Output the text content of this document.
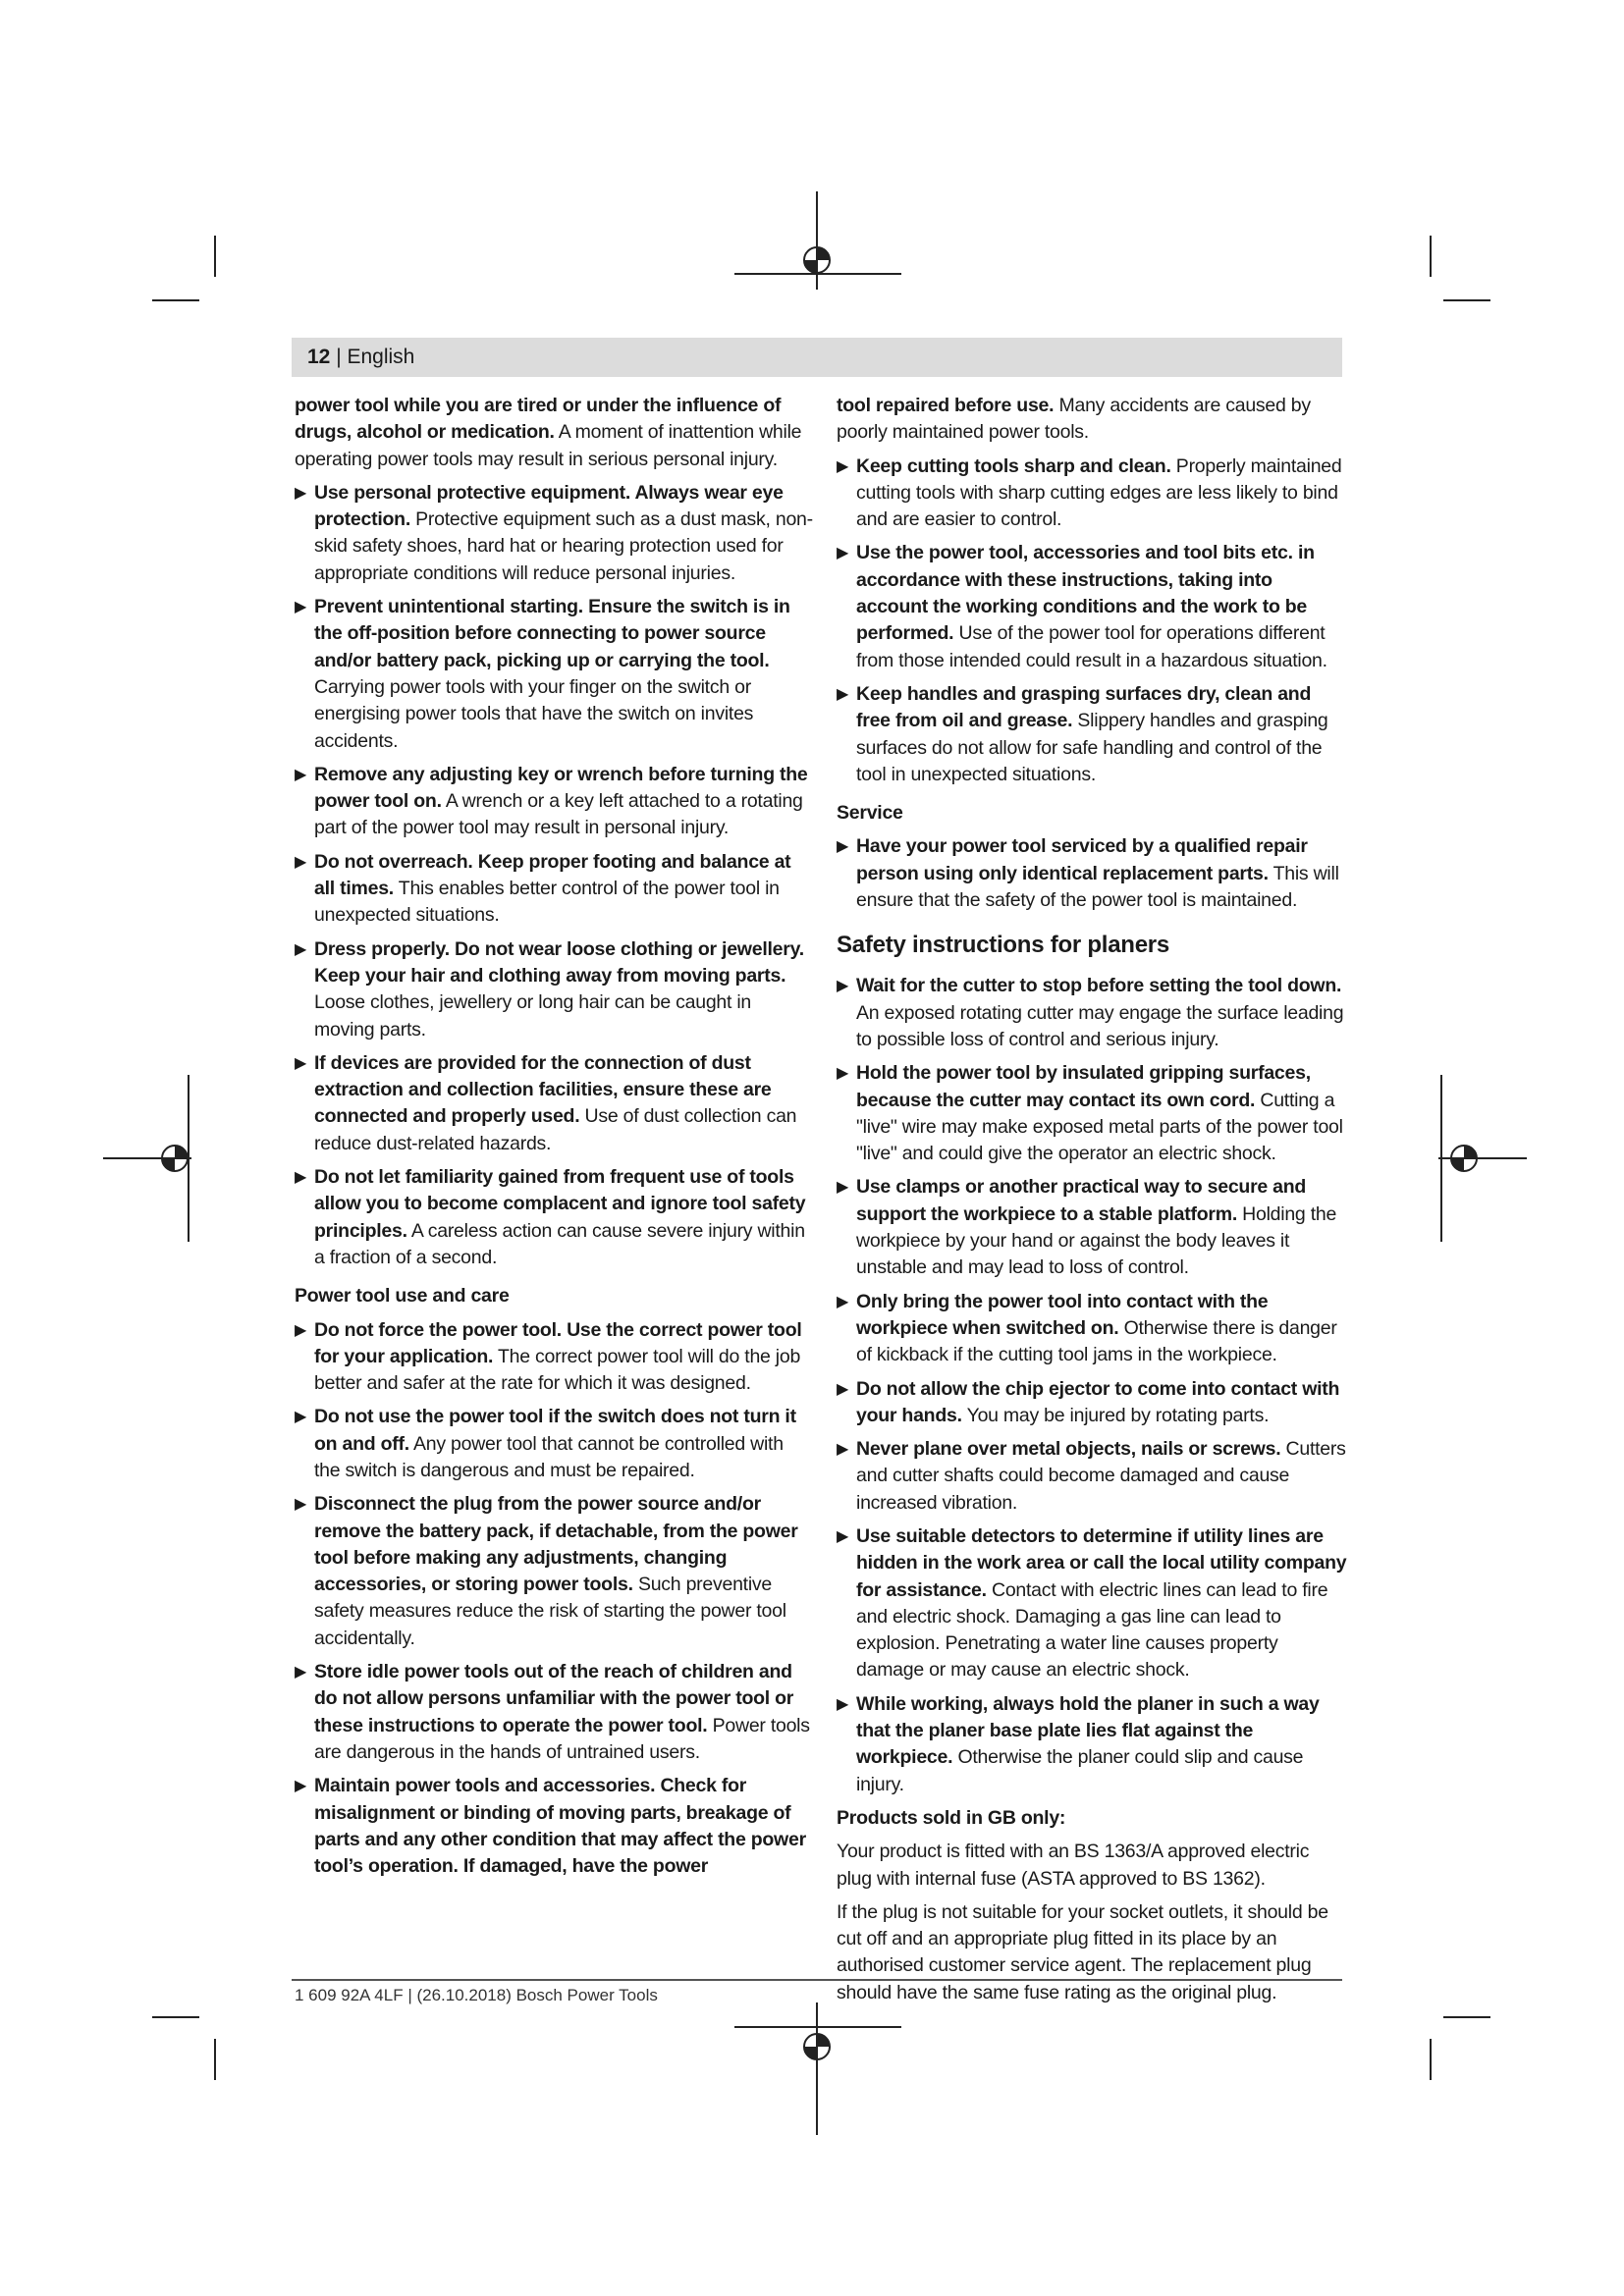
12 | English

power tool while you are tired or under the influence of drugs, alcohol or medication. A moment of inattention while operating power tools may result in serious personal injury.

▶ Use personal protective equipment. Always wear eye protection. Protective equipment such as a dust mask, non-skid safety shoes, hard hat or hearing protection used for appropriate conditions will reduce personal injuries.

▶ Prevent unintentional starting. Ensure the switch is in the off-position before connecting to power source and/or battery pack, picking up or carrying the tool. Carrying power tools with your finger on the switch or energising power tools that have the switch on invites accidents.

▶ Remove any adjusting key or wrench before turning the power tool on. A wrench or a key left attached to a rotating part of the power tool may result in personal injury.

▶ Do not overreach. Keep proper footing and balance at all times. This enables better control of the power tool in unexpected situations.

▶ Dress properly. Do not wear loose clothing or jewellery. Keep your hair and clothing away from moving parts. Loose clothes, jewellery or long hair can be caught in moving parts.

▶ If devices are provided for the connection of dust extraction and collection facilities, ensure these are connected and properly used. Use of dust collection can reduce dust-related hazards.

▶ Do not let familiarity gained from frequent use of tools allow you to become complacent and ignore tool safety principles. A careless action can cause severe injury within a fraction of a second.

Power tool use and care

▶ Do not force the power tool. Use the correct power tool for your application. The correct power tool will do the job better and safer at the rate for which it was designed.

▶ Do not use the power tool if the switch does not turn it on and off. Any power tool that cannot be controlled with the switch is dangerous and must be repaired.

▶ Disconnect the plug from the power source and/or remove the battery pack, if detachable, from the power tool before making any adjustments, changing accessories, or storing power tools. Such preventive safety measures reduce the risk of starting the power tool accidentally.

▶ Store idle power tools out of the reach of children and do not allow persons unfamiliar with the power tool or these instructions to operate the power tool. Power tools are dangerous in the hands of untrained users.

▶ Maintain power tools and accessories. Check for misalignment or binding of moving parts, breakage of parts and any other condition that may affect the power tool’s operation. If damaged, have the power

tool repaired before use. Many accidents are caused by poorly maintained power tools.

▶ Keep cutting tools sharp and clean. Properly maintained cutting tools with sharp cutting edges are less likely to bind and are easier to control.

▶ Use the power tool, accessories and tool bits etc. in accordance with these instructions, taking into account the working conditions and the work to be performed. Use of the power tool for operations different from those intended could result in a hazardous situation.

▶ Keep handles and grasping surfaces dry, clean and free from oil and grease. Slippery handles and grasping surfaces do not allow for safe handling and control of the tool in unexpected situations.

Service

▶ Have your power tool serviced by a qualified repair person using only identical replacement parts. This will ensure that the safety of the power tool is maintained.

Safety instructions for planers

▶ Wait for the cutter to stop before setting the tool down. An exposed rotating cutter may engage the surface leading to possible loss of control and serious injury.

▶ Hold the power tool by insulated gripping surfaces, because the cutter may contact its own cord. Cutting a "live" wire may make exposed metal parts of the power tool "live" and could give the operator an electric shock.

▶ Use clamps or another practical way to secure and support the workpiece to a stable platform. Holding the workpiece by your hand or against the body leaves it unstable and may lead to loss of control.

▶ Only bring the power tool into contact with the workpiece when switched on. Otherwise there is danger of kickback if the cutting tool jams in the workpiece.

▶ Do not allow the chip ejector to come into contact with your hands. You may be injured by rotating parts.

▶ Never plane over metal objects, nails or screws. Cutters and cutter shafts could become damaged and cause increased vibration.

▶ Use suitable detectors to determine if utility lines are hidden in the work area or call the local utility company for assistance. Contact with electric lines can lead to fire and electric shock. Damaging a gas line can lead to explosion. Penetrating a water line causes property damage or may cause an electric shock.

▶ While working, always hold the planer in such a way that the planer base plate lies flat against the workpiece. Otherwise the planer could slip and cause injury.

Products sold in GB only:

Your product is fitted with an BS 1363/A approved electric plug with internal fuse (ASTA approved to BS 1362).

If the plug is not suitable for your socket outlets, it should be cut off and an appropriate plug fitted in its place by an authorised customer service agent. The replacement plug should have the same fuse rating as the original plug.

1 609 92A 4LF | (26.10.2018) Bosch Power Tools
